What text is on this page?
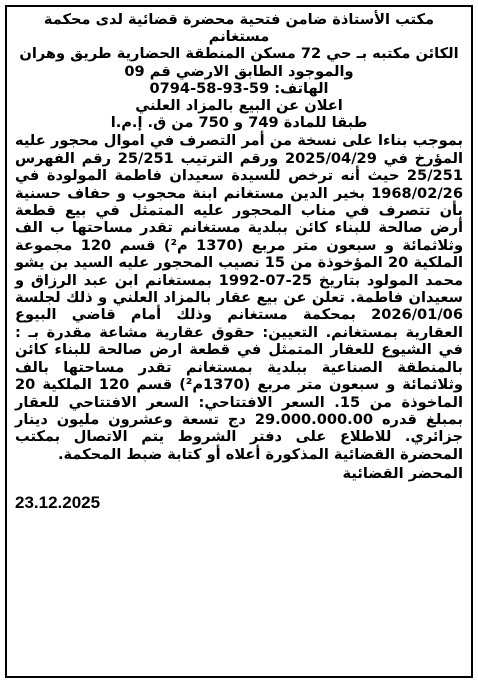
مكتب الأستاذة ضامن فتحية محضرة قضائية لدى محكمة
مستغانم
الكائن مكتبه بـ حي 72 مسكن المنطقة الحضارية طريق وهران
والموجود الطابق الارضي قم 09
الهاتف: 59-93-58-0794
اعلان عن البيع بالمزاد العلني
طبقا للمادة 749 و 750 من ق. إ.م.ا
بموجب بناءا على نسخة من أمر التصرف في اموال محجور عليه المؤرخ في 2025/04/29 ورقم الترتيب 25/251 رقم الفهرس 25/251 حيث أنه ترخص للسيدة سعيدان فاطمة المولودة في 1968/02/26 بخير الدين مستغانم ابنة محجوب و حفاف حسنية بأن تتصرف في مناب المحجور عليه المتمثل في بيع قطعة أرض صالحة للبناء كائن ببلدية مستغانم تقدر مساحتها ب الف وثلاثمائة و سبعون متر مربع (1370 م²) قسم 120 مجموعة الملكية 20 المؤخوذة من 15 نصيب المحجور عليه السيد بن يشو محمد المولود بتاريخ 25-07-1992 بمستغانم ابن عبد الرزاق و سعيدان فاطمة. تعلن عن بيع عقار بالمزاد العلني و ذلك لجلسة 2026/01/06 بمحكمة مستغانم وذلك أمام قاضي البيوع العقارية بمستغانم. التعيين: حقوق عقارية مشاعة مقدرة بـ : في الشيوع للعقار المتمثل في قطعة ارض صالحة للبناء كائن بالمنطقة الصناعية ببلدية بمستغانم تقدر مساحتها بالف وثلاثمائة و سبعون متر مربع (1370م²) قسم 120 الملكية 20 الماخوذة من 15. السعر الافتتاحي: السعر الافتتاحي للعقار بمبلغ قدره 29.000.000.00 دج تسعة وعشرون مليون دينار جزائري. للاطلاع على دفتر الشروط يتم الاتصال بمكتب المحضرة القضائية المذكورة أعلاه أو كتابة ضبط المحكمة.
المحضر القضائية
23.12.2025
